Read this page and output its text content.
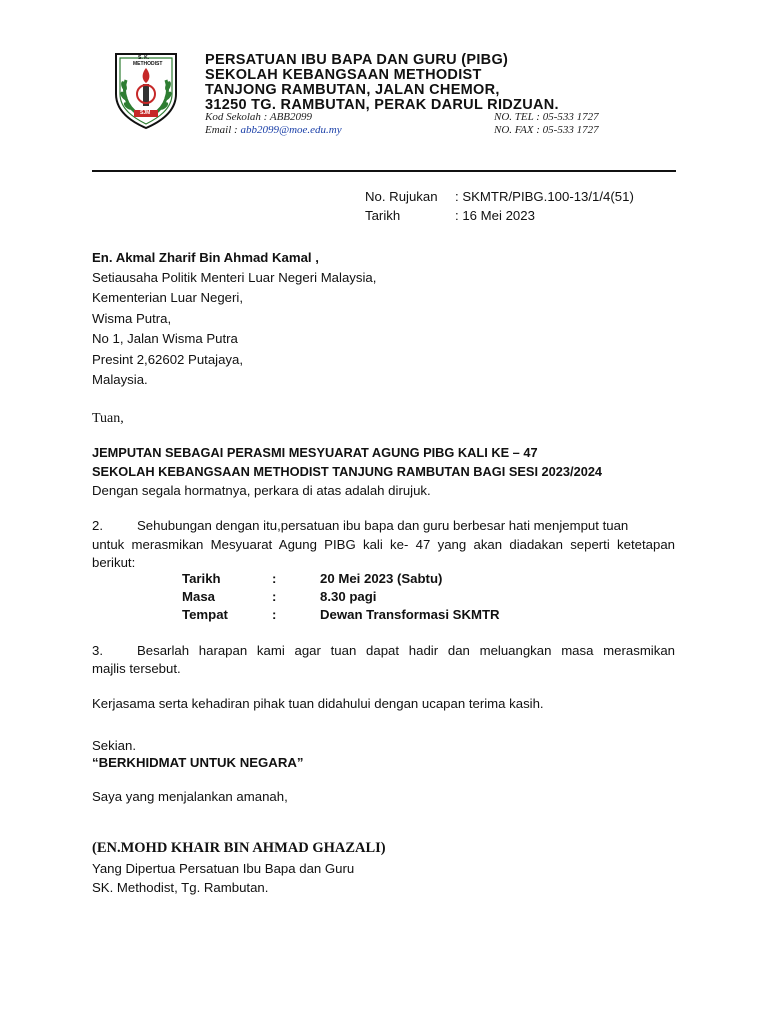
S. K.
METHODIST
SJM
PERSATUAN IBU BAPA DAN GURU (PIBG)
SEKOLAH KEBANGSAAN METHODIST
TANJONG RAMBUTAN, JALAN CHEMOR,
31250 TG. RAMBUTAN, PERAK DARUL RIDZUAN.
Kod Sekolah : ABB2099
Email : abb2099@moe.edu.my
NO. TEL : 05-533 1727
NO. FAX : 05-533 1727
No. Rujukan : SKMTR/PIBG.100-13/1/4(51)
Tarikh	: 16 Mei 2023
En. Akmal Zharif Bin Ahmad Kamal ,
Setiausaha Politik Menteri Luar Negeri Malaysia,
Kementerian Luar Negeri,
Wisma Putra,
No 1, Jalan Wisma Putra
Presint 2,62602 Putajaya,
Malaysia.
Tuan,
JEMPUTAN SEBAGAI PERASMI MESYUARAT AGUNG PIBG KALI KE – 47
SEKOLAH KEBANGSAAN METHODIST TANJUNG RAMBUTAN BAGI SESI 2023/2024
Dengan segala hormatnya, perkara di atas adalah dirujuk.
2.	Sehubungan dengan itu,persatuan ibu bapa dan guru berbesar hati menjemput tuan
untuk merasmikan Mesyuarat Agung PIBG kali ke- 47 yang akan diadakan seperti ketetapan berikut:
Tarikh	:	20 Mei 2023 (Sabtu)
Masa	:	8.30 pagi
Tempat	:	Dewan Transformasi SKMTR
3.	Besarlah harapan kami agar tuan dapat hadir dan meluangkan masa merasmikan
majlis tersebut.
Kerjasama serta kehadiran pihak tuan didahului dengan ucapan terima kasih.
Sekian.
“BERKHIDMAT UNTUK NEGARA”
Saya yang menjalankan amanah,
(EN.MOHD KHAIR BIN AHMAD GHAZALI)
Yang Dipertua Persatuan Ibu Bapa dan Guru
SK. Methodist, Tg. Rambutan.
